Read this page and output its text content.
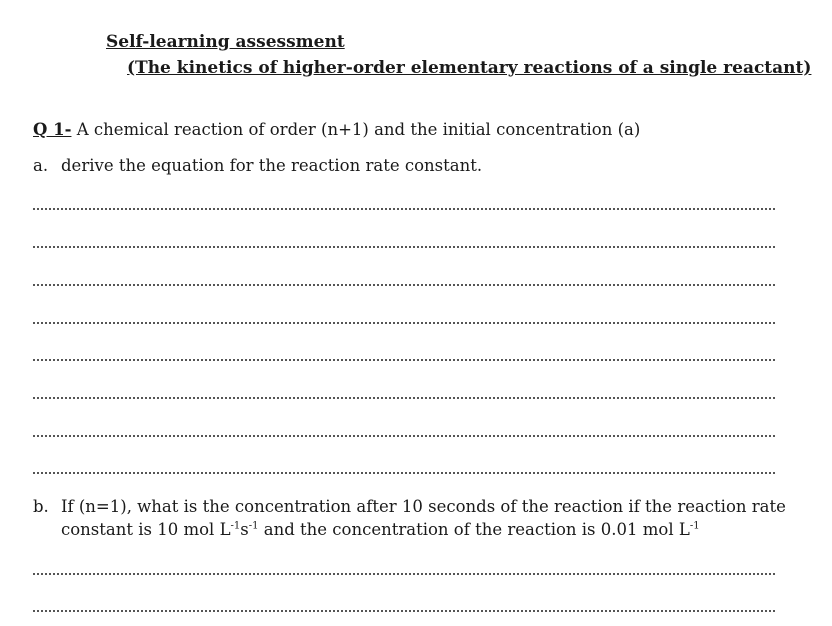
Self-learning assessment
(The kinetics of higher-order elementary reactions of a single reactant)
Q 1- A chemical reaction of order (n+1) and the initial concentration (a)
a. derive the equation for the reaction rate constant.
b. If (n=1), what is the concentration after 10 seconds of the reaction if the reaction rate
constant is 10 mol $L^{-1}s^{-1}$ and the concentration of the reaction is 0.01 mol $L^{-1}$
